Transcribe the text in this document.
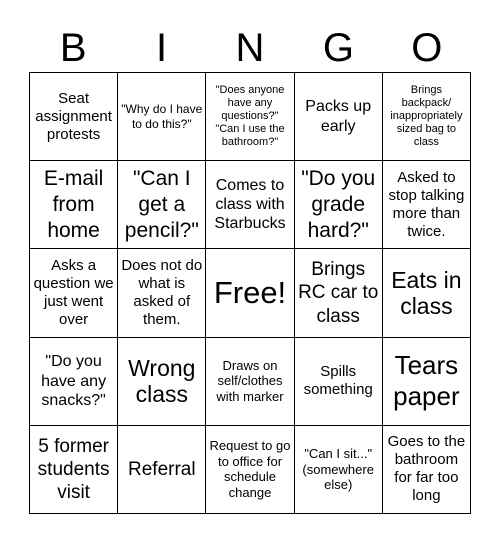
B	I	N	G	O
Seat assignment protests
"Why do I have to do this?"
"Does anyone have any questions?" "Can I use the bathroom?"
Packs up early
Brings backpack/ inappropriately sized bag to class
E-mail from home
"Can I get a pencil?"
Comes to class with Starbucks
"Do you grade hard?"
Asked to stop talking more than twice.
Asks a question we just went over
Does not do what is asked of them.
Free!
Brings RC car to class
Eats in class
"Do you have any snacks?"
Wrong class
Draws on self/clothes with marker
Spills something
Tears paper
5 former students visit
Referral
Request to go to office for schedule change
"Can I sit..." (somewhere else)
Goes to the bathroom for far too long
